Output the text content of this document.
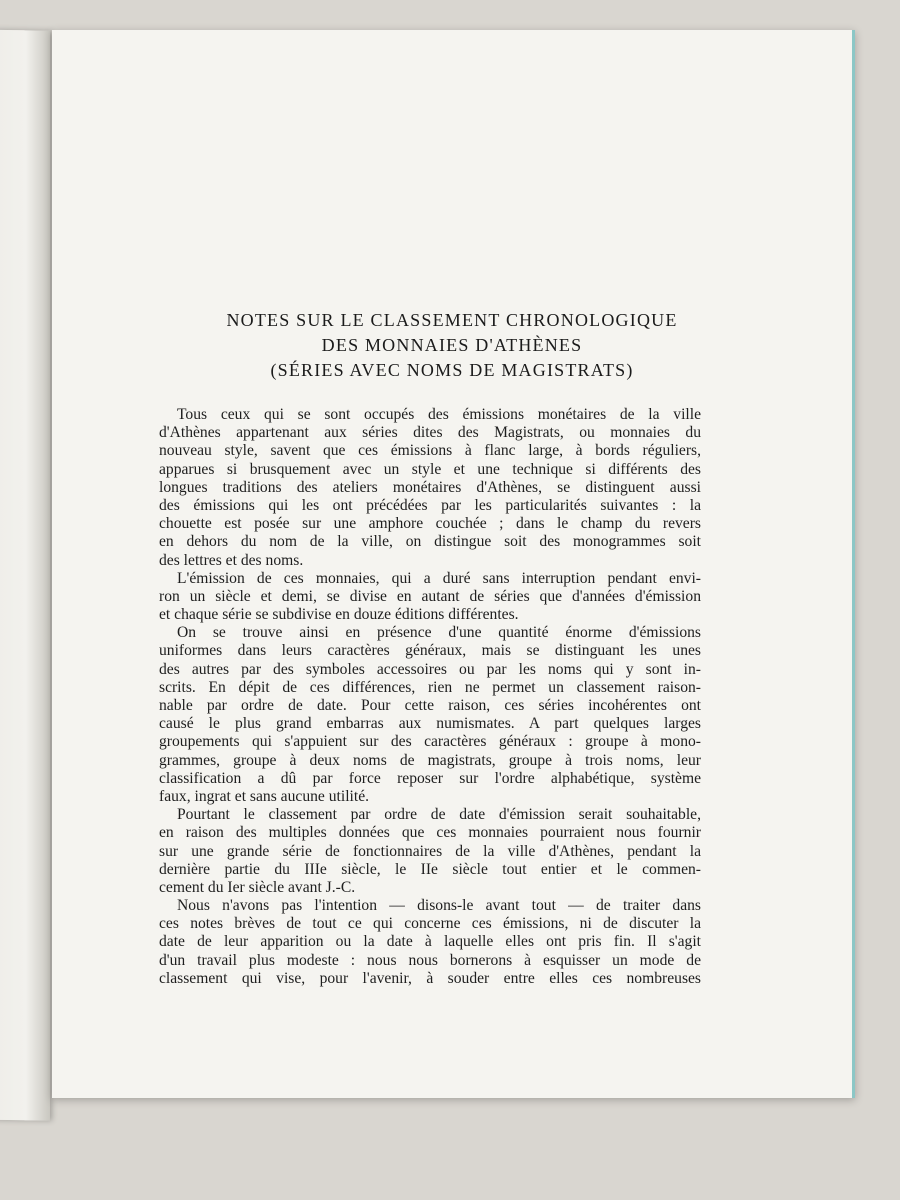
NOTES SUR LE CLASSEMENT CHRONOLOGIQUE
DES MONNAIES D'ATHÈNES
(SÉRIES AVEC NOMS DE MAGISTRATS)

Tous ceux qui se sont occupés des émissions monétaires de la ville
d'Athènes appartenant aux séries dites des Magistrats, ou monnaies du
nouveau style, savent que ces émissions à flanc large, à bords réguliers,
apparues si brusquement avec un style et une technique si différents des
longues traditions des ateliers monétaires d'Athènes, se distinguent aussi
des émissions qui les ont précédées par les particularités suivantes : la
chouette est posée sur une amphore couchée ; dans le champ du revers
en dehors du nom de la ville, on distingue soit des monogrammes soit
des lettres et des noms.

L'émission de ces monnaies, qui a duré sans interruption pendant envi-
ron un siècle et demi, se divise en autant de séries que d'années d'émission
et chaque série se subdivise en douze éditions différentes.

On se trouve ainsi en présence d'une quantité énorme d'émissions
uniformes dans leurs caractères généraux, mais se distinguant les unes
des autres par des symboles accessoires ou par les noms qui y sont in-
scrits. En dépit de ces différences, rien ne permet un classement raison-
nable par ordre de date. Pour cette raison, ces séries incohérentes ont
causé le plus grand embarras aux numismates. A part quelques larges
groupements qui s'appuient sur des caractères généraux : groupe à mono-
grammes, groupe à deux noms de magistrats, groupe à trois noms, leur
classification a dû par force reposer sur l'ordre alphabétique, système
faux, ingrat et sans aucune utilité.

Pourtant le classement par ordre de date d'émission serait souhaitable,
en raison des multiples données que ces monnaies pourraient nous fournir
sur une grande série de fonctionnaires de la ville d'Athènes, pendant la
dernière partie du IIIe siècle, le IIe siècle tout entier et le commen-
cement du Ier siècle avant J.-C.

Nous n'avons pas l'intention — disons-le avant tout — de traiter dans
ces notes brèves de tout ce qui concerne ces émissions, ni de discuter la
date de leur apparition ou la date à laquelle elles ont pris fin. Il s'agit
d'un travail plus modeste : nous nous bornerons à esquisser un mode de
classement qui vise, pour l'avenir, à souder entre elles ces nombreuses
